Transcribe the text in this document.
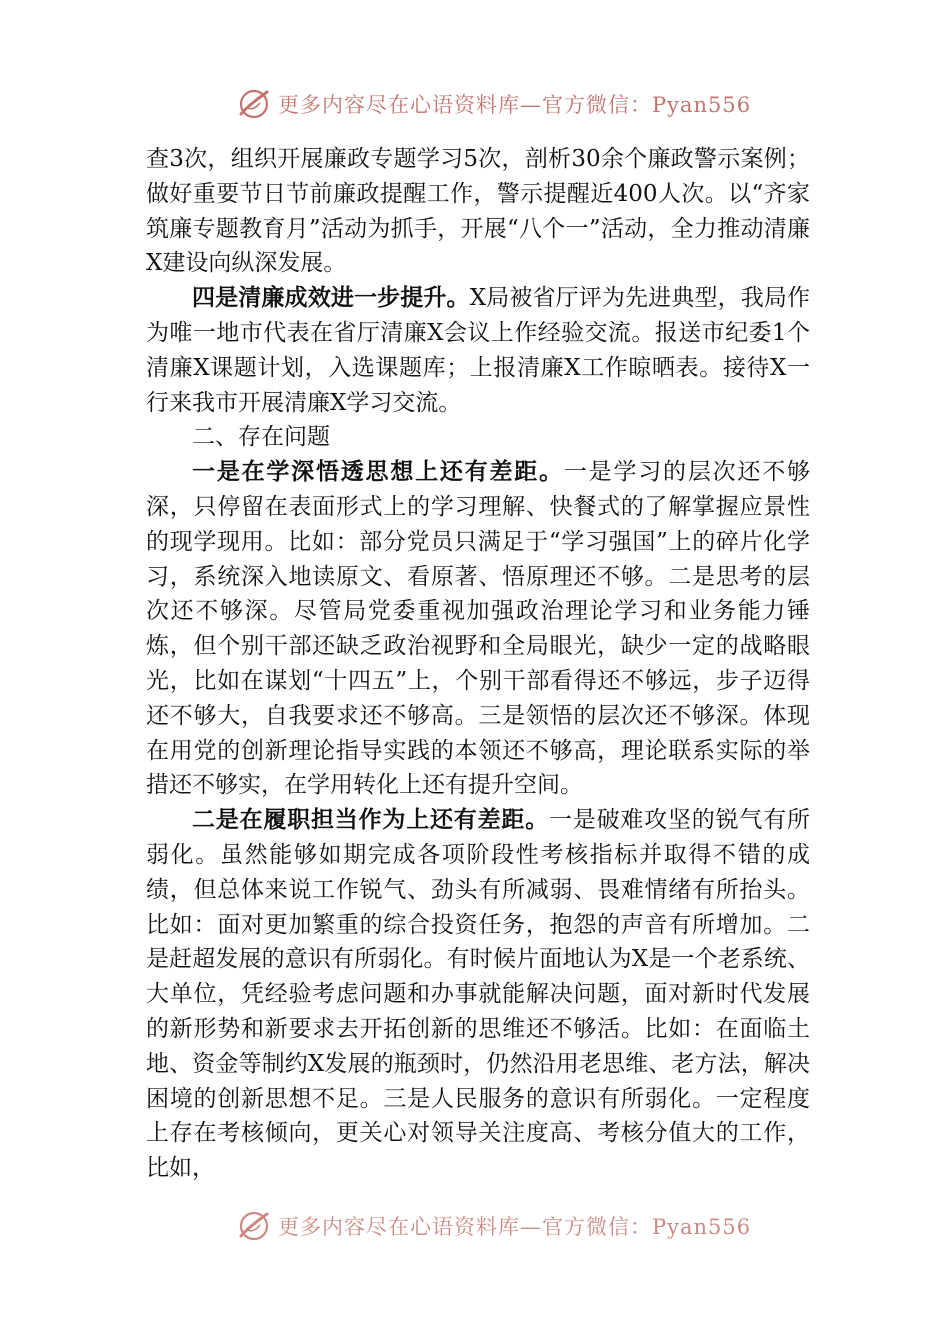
更多内容尽在心语资料库—官方微信：Pyan556

查3次，组织开展廉政专题学习5次，剖析30余个廉政警示案例；做好重要节日节前廉政提醒工作，警示提醒近400人次。以“齐家筑廉专题教育月”活动为抓手，开展“八个一”活动，全力推动清廉X建设向纵深发展。

四是清廉成效进一步提升。X局被省厅评为先进典型，我局作为唯一地市代表在省厅清廉X会议上作经验交流。报送市纪委1个清廉X课题计划，入选课题库；上报清廉X工作晾晒表。接待X一行来我市开展清廉X学习交流。

二、存在问题

一是在学深悟透思想上还有差距。一是学习的层次还不够深，只停留在表面形式上的学习理解、快餐式的了解掌握应景性的现学现用。比如：部分党员只满足于“学习强国”上的碎片化学习，系统深入地读原文、看原著、悟原理还不够。二是思考的层次还不够深。尽管局党委重视加强政治理论学习和业务能力锤炼，但个别干部还缺乏政治视野和全局眼光，缺少一定的战略眼光，比如在谋划“十四五”上，个别干部看得还不够远，步子迈得还不够大，自我要求还不够高。三是领悟的层次还不够深。体现在用党的创新理论指导实践的本领还不够高，理论联系实际的举措还不够实，在学用转化上还有提升空间。

二是在履职担当作为上还有差距。一是破难攻坚的锐气有所弱化。虽然能够如期完成各项阶段性考核指标并取得不错的成绩，但总体来说工作锐气、劲头有所减弱、畏难情绪有所抬头。比如：面对更加繁重的综合投资任务，抱怨的声音有所增加。二是赶超发展的意识有所弱化。有时候片面地认为X是一个老系统、大单位，凭经验考虑问题和办事就能解决问题，面对新时代发展的新形势和新要求去开拓创新的思维还不够活。比如：在面临土地、资金等制约X发展的瓶颈时，仍然沿用老思维、老方法，解决困境的创新思想不足。三是人民服务的意识有所弱化。一定程度上存在考核倾向，更关心对领导关注度高、考核分值大的工作，比如，

更多内容尽在心语资料库—官方微信：Pyan556
